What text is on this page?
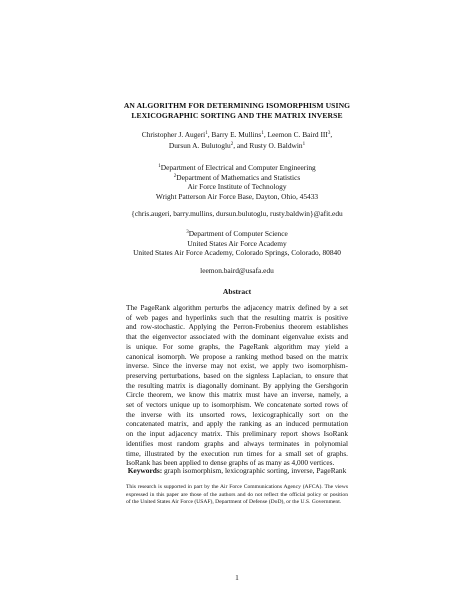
AN ALGORITHM FOR DETERMINING ISOMORPHISM USING
LEXICOGRAPHIC SORTING AND THE MATRIX INVERSE
Christopher J. Augeri$^1$, Barry E. Mullins$^1$, Leemon C. Baird III$^3$,
Dursun A. Bulutoglu$^2$, and Rusty O. Baldwin$^1$
$^1$Department of Electrical and Computer Engineering
$^2$Department of Mathematics and Statistics
Air Force Institute of Technology
Wright Patterson Air Force Base, Dayton, Ohio, 45433
{chris.augeri, barry.mullins, dursun.bulutoglu, rusty.baldwin}@afit.edu
$^3$Department of Computer Science
United States Air Force Academy
United States Air Force Academy, Colorado Springs, Colorado, 80840
leemon.baird@usafa.edu
Abstract
The PageRank algorithm perturbs the adjacency matrix defined by a set
of web pages and hyperlinks such that the resulting matrix is positive
and row-stochastic. Applying the Perron-Frobenius theorem establishes
that the eigenvector associated with the dominant eigenvalue exists and
is unique. For some graphs, the PageRank algorithm may yield a
canonical isomorph. We propose a ranking method based on the matrix
inverse. Since the inverse may not exist, we apply two isomorphism-
preserving perturbations, based on the signless Laplacian, to ensure that
the resulting matrix is diagonally dominant. By applying the Gershgorin
Circle theorem, we know this matrix must have an inverse, namely, a
set of vectors unique up to isomorphism. We concatenate sorted rows of
the inverse with its unsorted rows, lexicographically sort on the
concatenated matrix, and apply the ranking as an induced permutation
on the input adjacency matrix. This preliminary report shows IsoRank
identifies most random graphs and always terminates in polynomial
time, illustrated by the execution run times for a small set of graphs.
IsoRank has been applied to dense graphs of as many as 4,000 vertices.
Keywords: graph isomorphism, lexicographic sorting, inverse, PageRank
This research is supported in part by the Air Force Communications Agency (AFCA). The views
expressed in this paper are those of the authors and do not reflect the official policy or position
of the United States Air Force (USAF), Department of Defense (DoD), or the U.S. Government.
1
